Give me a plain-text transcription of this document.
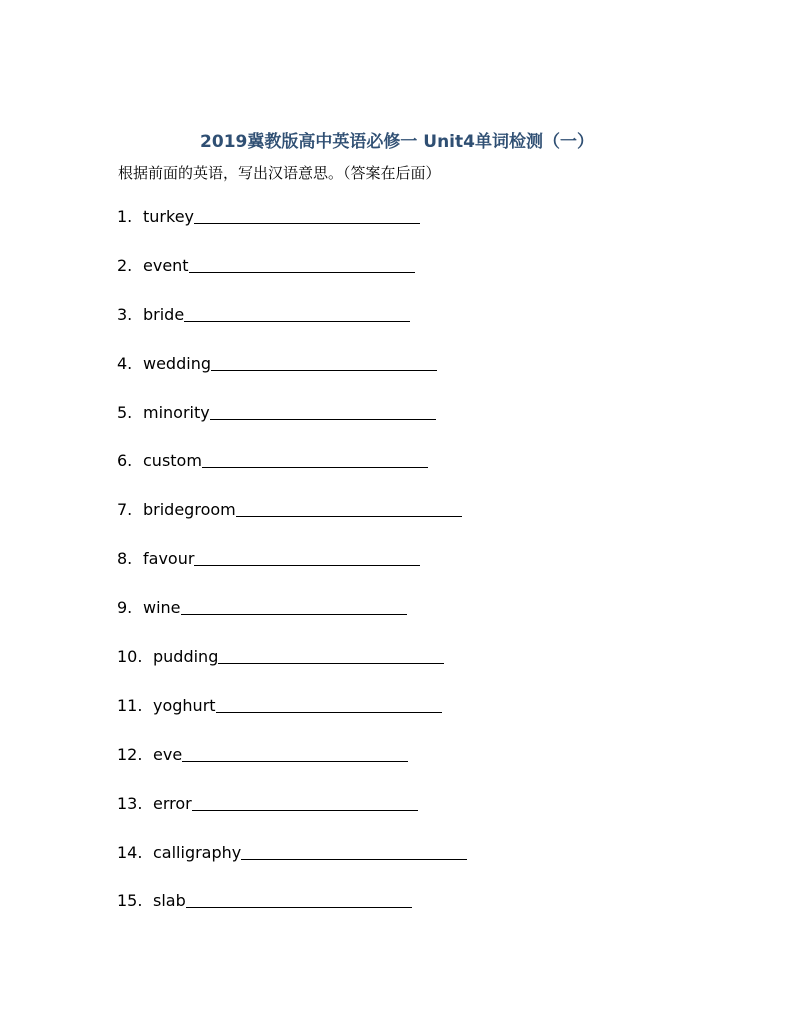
2019冀教版高中英语必修一 Unit4单词检测（一）
根据前面的英语，写出汉语意思。（答案在后面）
1. turkey
2. event
3. bride
4. wedding
5. minority
6. custom
7. bridegroom
8. favour
9. wine
10. pudding
11. yoghurt
12. eve
13. error
14. calligraphy
15. slab
